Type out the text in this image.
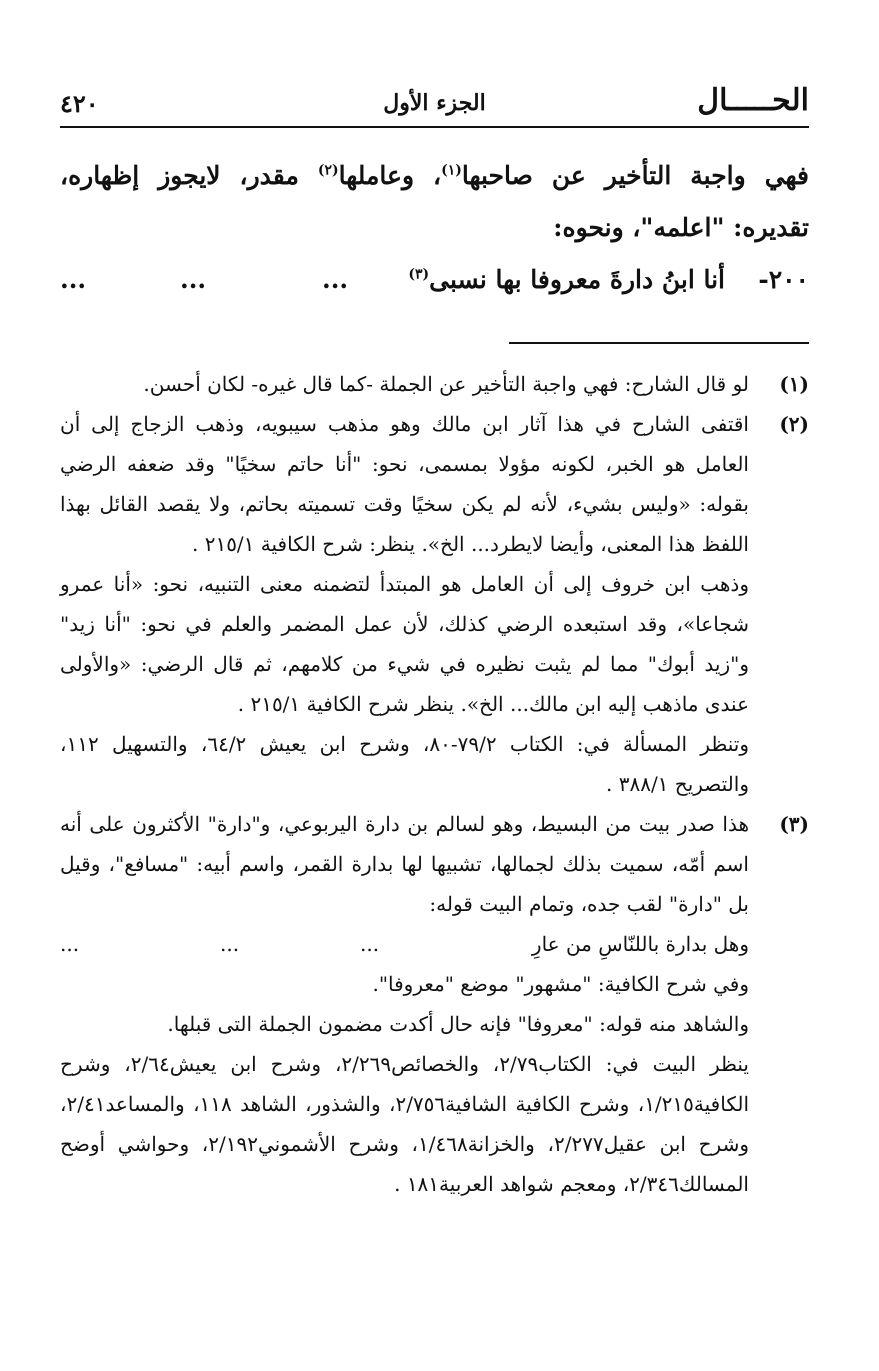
الحـــــال
الجزء الأول
٤٢٠

فهي واجبة التأخير عن صاحبها$^{(١)}$، وعاملها$^{(٢)}$ مقدر، لايجوز إظهاره، تقديره: "اعلمه"، ونحوه:

٢٠٠-
أنا ابنُ دارةَ معروفا بها نسبى$^{(٣)}$
...
...
...
(١)

لو قال الشارح: فهي واجبة التأخير عن الجملة -كما قال غيره- لكان أحسن.

(٢)

اقتفى الشارح في هذا آثار ابن مالك وهو مذهب سيبويه، وذهب الزجاج إلى أن العامل هو الخبر، لكونه مؤولا بمسمى، نحو: "أنا حاتم سخيًا" وقد ضعفه الرضي بقوله: «وليس بشيء، لأنه لم يكن سخيًا وقت تسميته بحاتم، ولا يقصد القائل بهذا اللفظ هذا المعنى، وأيضا لايطرد... الخ». ينظر: شرح الكافية ٢١٥/١ .

وذهب ابن خروف إلى أن العامل هو المبتدأ لتضمنه معنى التنبيه، نحو: «أنا عمرو شجاعا»، وقد استبعده الرضي كذلك، لأن عمل المضمر والعلم في نحو: "أنا زيد" و"زيد أبوك" مما لم يثبت نظيره في شيء من كلامهم، ثم قال الرضي: «والأولى عندى ماذهب إليه ابن مالك... الخ». ينظر شرح الكافية ٢١٥/١ .

وتنظر المسألة في: الكتاب ٧٩/٢-٨٠، وشرح ابن يعيش ٦٤/٢، والتسهيل ١١٢، والتصريح ٣٨٨/١ .

(٣)

هذا صدر بيت من البسيط، وهو لسالم بن دارة اليربوعي، و"دارة" الأكثرون على أنه اسم أمّه، سميت بذلك لجمالها، تشبيها لها بدارة القمر، واسم أبيه: "مسافع"، وقيل بل "دارة" لقب جده، وتمام البيت قوله:

وهل بدارة باللنّاسِ من عارِ
...
...
...

وفي شرح الكافية: "مشهور" موضع "معروفا".

والشاهد منه قوله: "معروفا" فإنه حال أكدت مضمون الجملة التى قبلها.

ينظر البيت في: الكتاب٢/٧٩، والخصائص٢/٢٦٩، وشرح ابن يعيش٢/٦٤، وشرح الكافية١/٢١٥، وشرح الكافية الشافية٢/٧٥٦، والشذور، الشاهد ١١٨، والمساعد٢/٤١، وشرح ابن عقيل٢/٢٧٧، والخزانة١/٤٦٨، وشرح الأشموني٢/١٩٢، وحواشي أوضح المسالك٢/٣٤٦، ومعجم شواهد العربية١٨١ .
